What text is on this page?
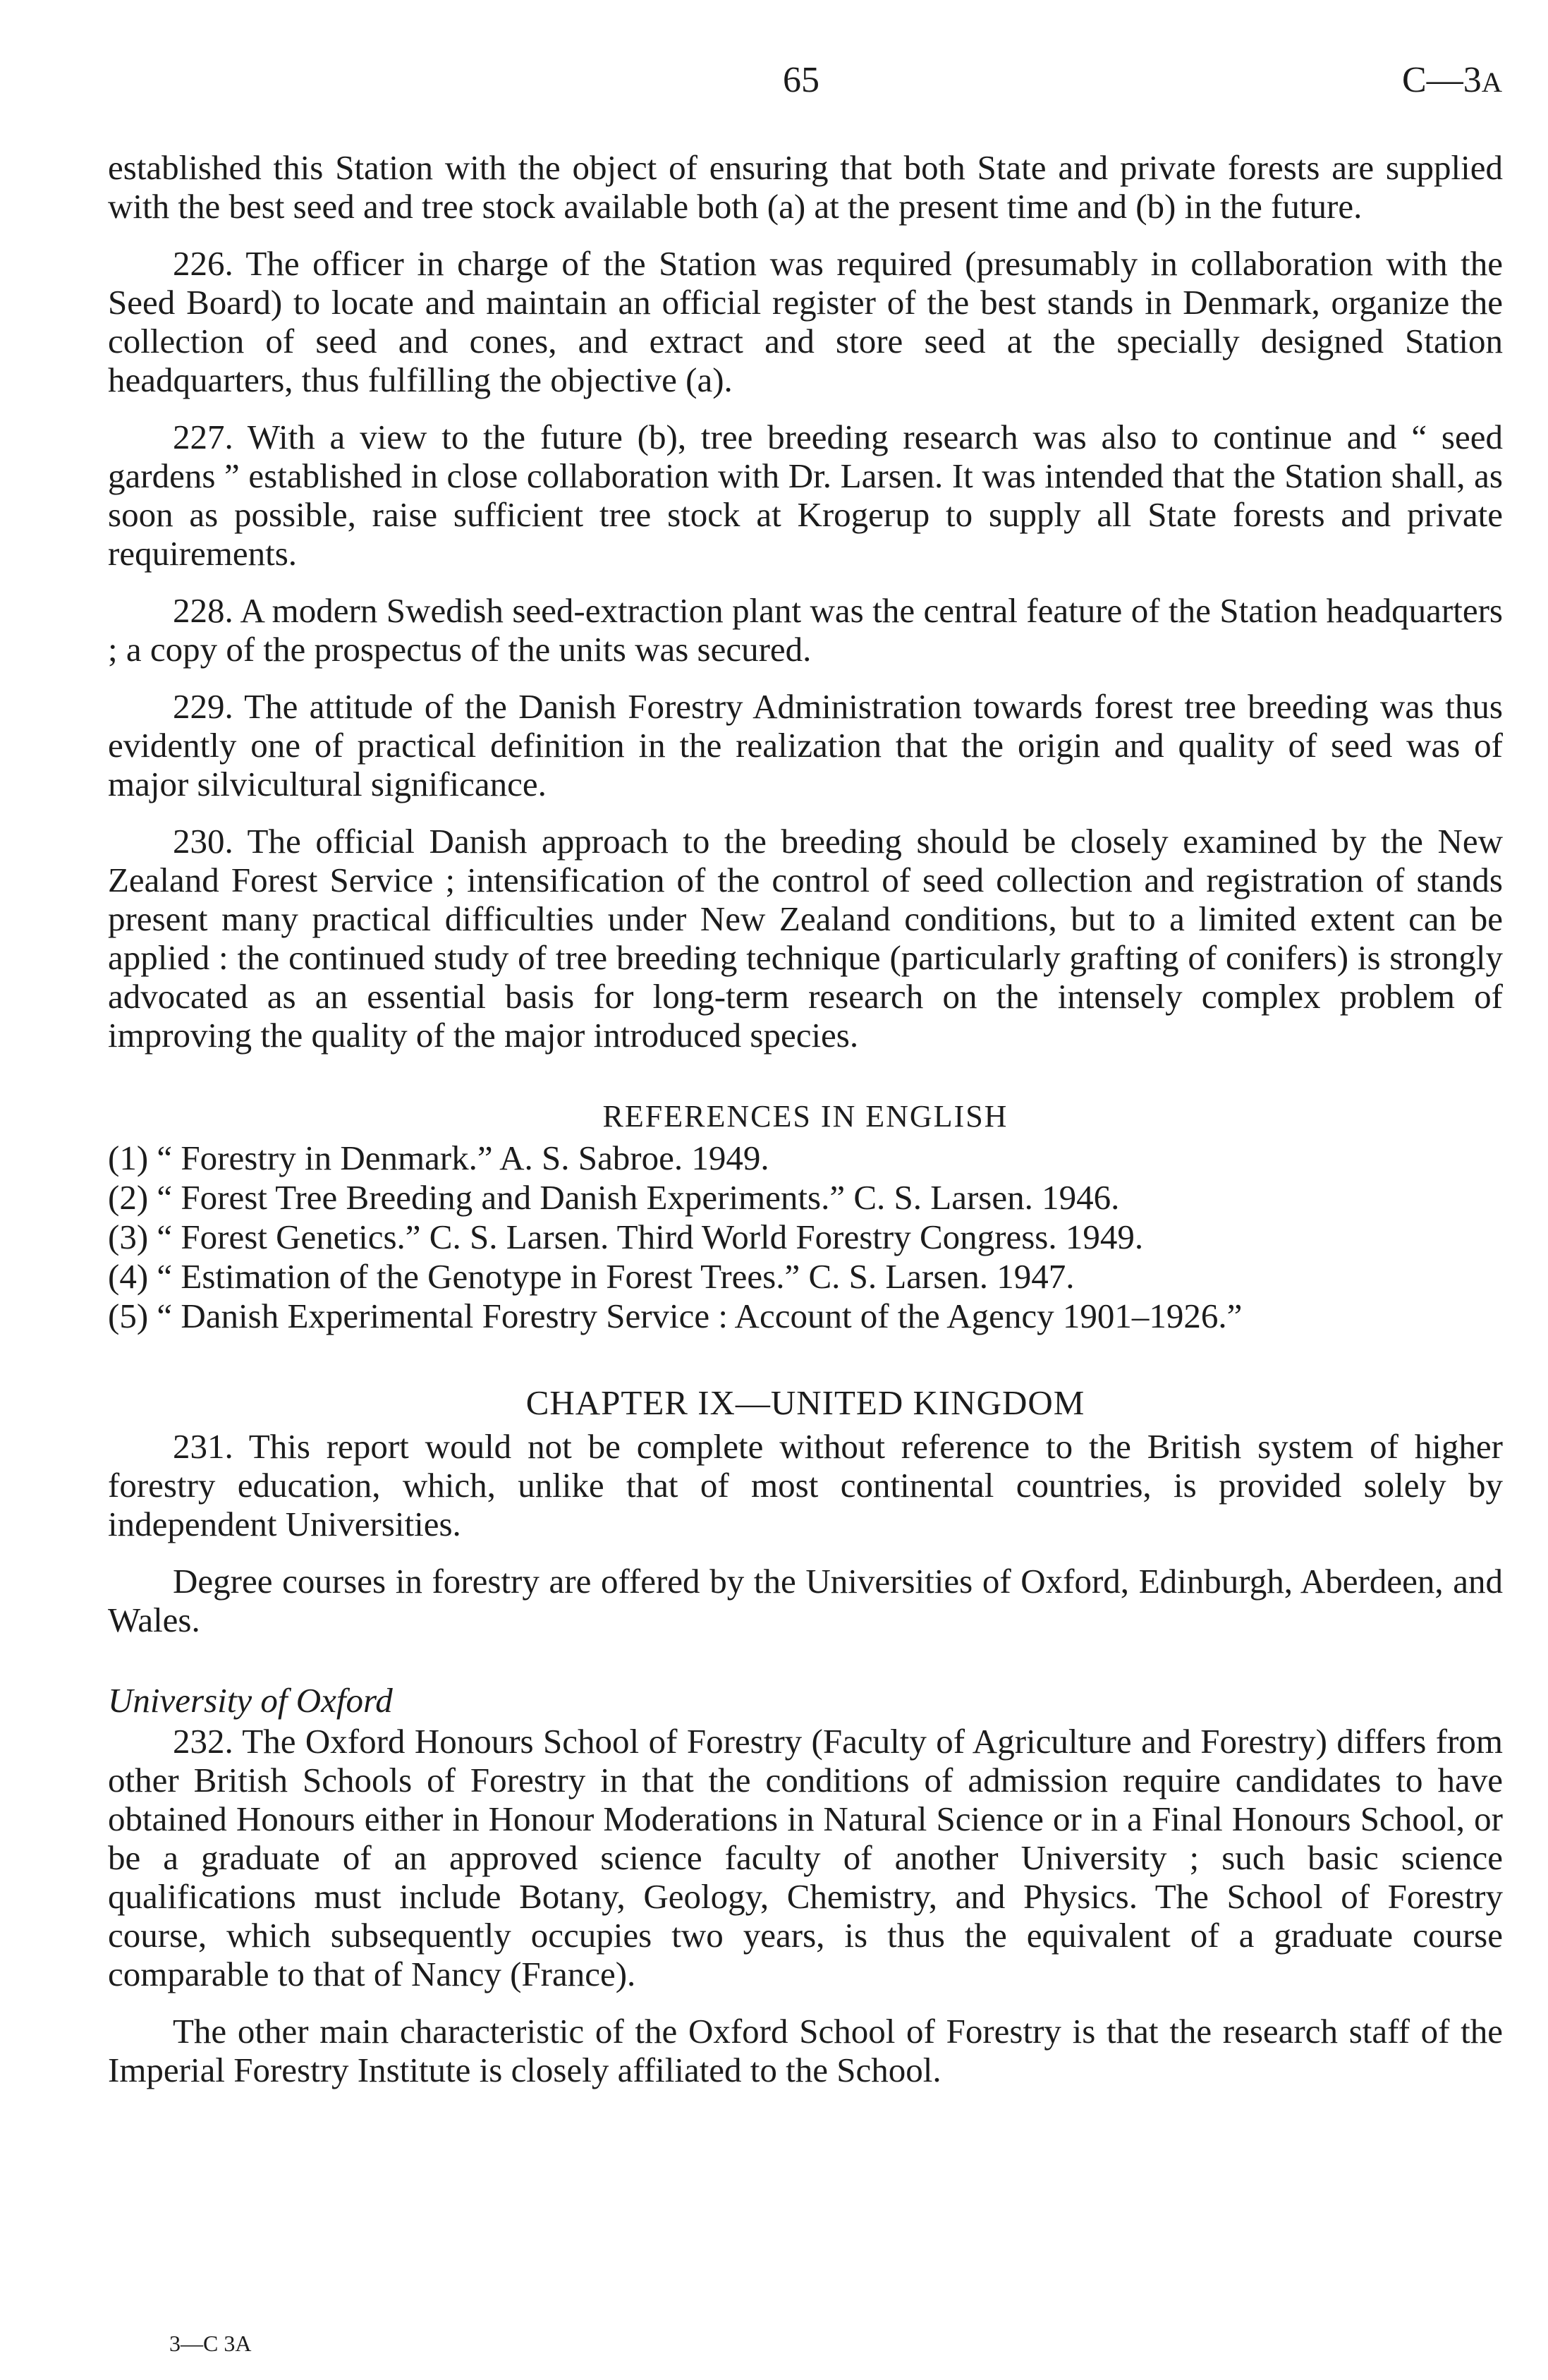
65	C—3A

established this Station with the object of ensuring that both State and private forests are supplied with the best seed and tree stock available both (a) at the present time and (b) in the future.

226. The officer in charge of the Station was required (presumably in collaboration with the Seed Board) to locate and maintain an official register of the best stands in Denmark, organize the collection of seed and cones, and extract and store seed at the specially designed Station headquarters, thus fulfilling the objective (a).

227. With a view to the future (b), tree breeding research was also to continue and “ seed gardens ” established in close collaboration with Dr. Larsen. It was intended that the Station shall, as soon as possible, raise sufficient tree stock at Krogerup to supply all State forests and private requirements.

228. A modern Swedish seed-extraction plant was the central feature of the Station headquarters ; a copy of the prospectus of the units was secured.

229. The attitude of the Danish Forestry Administration towards forest tree breeding was thus evidently one of practical definition in the realization that the origin and quality of seed was of major silvicultural significance.

230. The official Danish approach to the breeding should be closely examined by the New Zealand Forest Service ; intensification of the control of seed collection and registration of stands present many practical difficulties under New Zealand conditions, but to a limited extent can be applied : the continued study of tree breeding technique (particularly grafting of conifers) is strongly advocated as an essential basis for long-term research on the intensely complex problem of improving the quality of the major introduced species.

REFERENCES IN ENGLISH
(1) “ Forestry in Denmark.” A. S. Sabroe. 1949.
(2) “ Forest Tree Breeding and Danish Experiments.” C. S. Larsen. 1946.
(3) “ Forest Genetics.” C. S. Larsen. Third World Forestry Congress. 1949.
(4) “ Estimation of the Genotype in Forest Trees.” C. S. Larsen. 1947.
(5) “ Danish Experimental Forestry Service : Account of the Agency 1901–1926.”
CHAPTER IX—UNITED KINGDOM

231. This report would not be complete without reference to the British system of higher forestry education, which, unlike that of most continental countries, is provided solely by independent Universities.

Degree courses in forestry are offered by the Universities of Oxford, Edinburgh, Aberdeen, and Wales.

University of Oxford

232. The Oxford Honours School of Forestry (Faculty of Agriculture and Forestry) differs from other British Schools of Forestry in that the conditions of admission require candidates to have obtained Honours either in Honour Moderations in Natural Science or in a Final Honours School, or be a graduate of an approved science faculty of another University ; such basic science qualifications must include Botany, Geology, Chemistry, and Physics. The School of Forestry course, which subsequently occupies two years, is thus the equivalent of a graduate course comparable to that of Nancy (France).

The other main characteristic of the Oxford School of Forestry is that the research staff of the Imperial Forestry Institute is closely affiliated to the School.

3—C 3A
